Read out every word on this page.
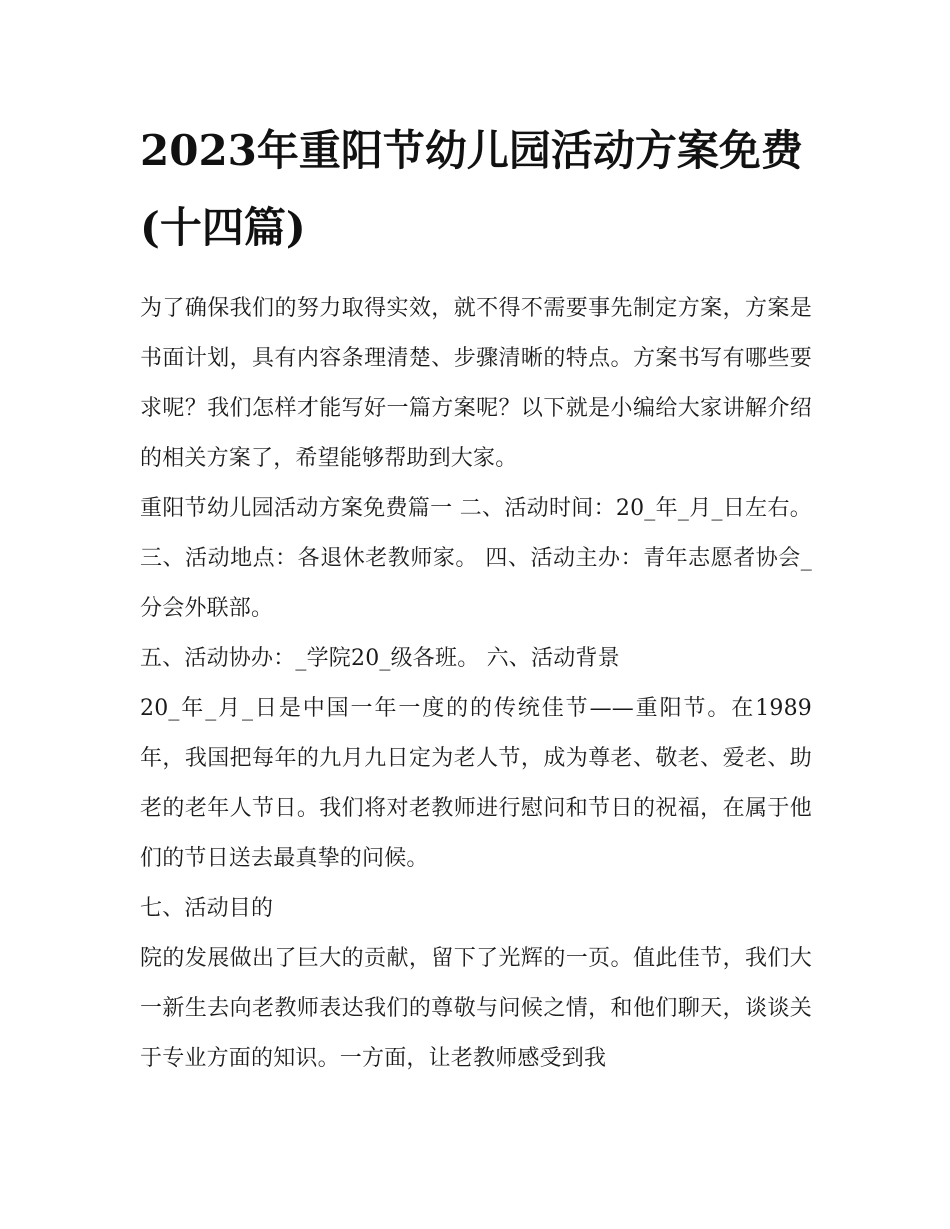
2023年重阳节幼儿园活动方案免费(十四篇)

为了确保我们的努力取得实效，就不得不需要事先制定方案，方案是书面计划，具有内容条理清楚、步骤清晰的特点。方案书写有哪些要求呢？我们怎样才能写好一篇方案呢？以下就是小编给大家讲解介绍的相关方案了，希望能够帮助到大家。

重阳节幼儿园活动方案免费篇一 二、活动时间：20_年_月_日左右。 三、活动地点：各退休老教师家。 四、活动主办：青年志愿者协会_分会外联部。

五、活动协办：_学院20_级各班。 六、活动背景

20_年_月_日是中国一年一度的的传统佳节——重阳节。在1989年，我国把每年的九月九日定为老人节，成为尊老、敬老、爱老、助老的老年人节日。我们将对老教师进行慰问和节日的祝福，在属于他们的节日送去最真挚的问候。

七、活动目的

院的发展做出了巨大的贡献，留下了光辉的一页。值此佳节，我们大一新生去向老教师表达我们的尊敬与问候之情，和他们聊天，谈谈关于专业方面的知识。一方面，让老教师感受到我
